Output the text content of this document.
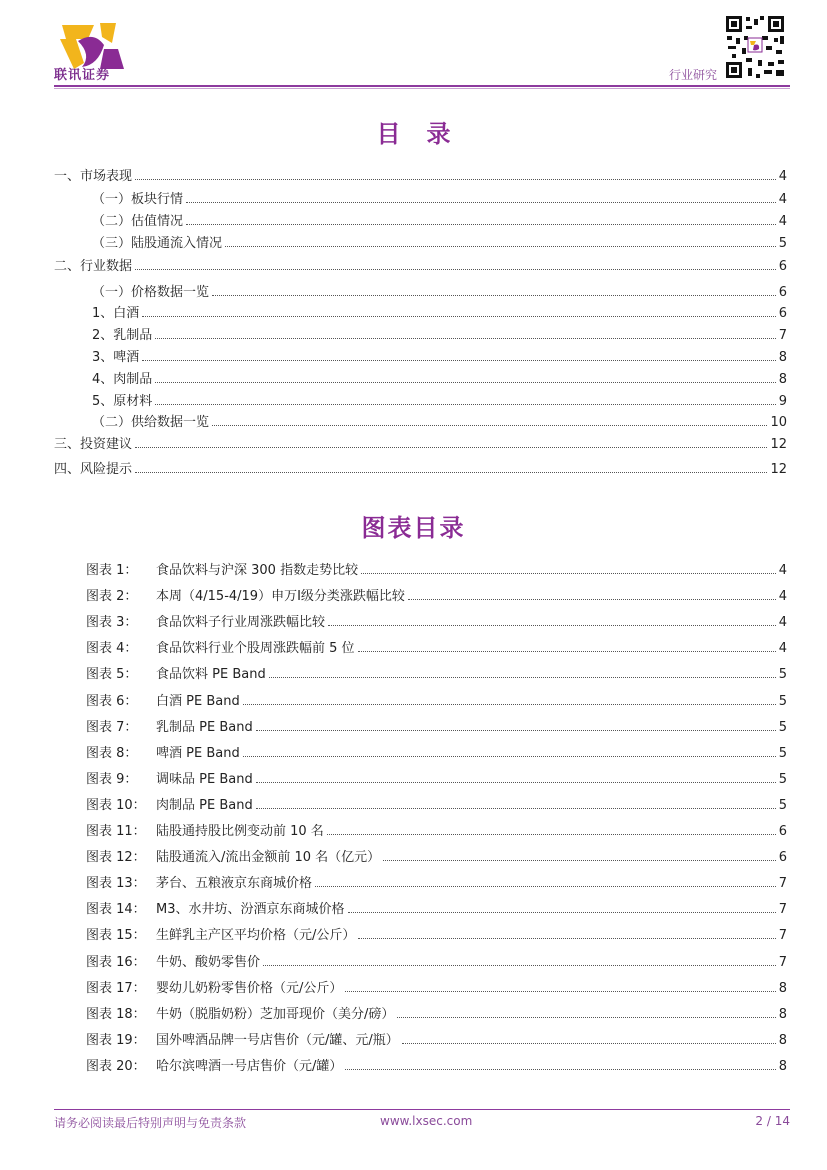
联讯证券	行业研究
目录
一、市场表现	4
（一）板块行情	4
（二）估值情况	4
（三）陆股通流入情况	5
二、行业数据	6
（一）价格数据一览	6
1、白酒	6
2、乳制品	7
3、啤酒	8
4、肉制品	8
5、原材料	9
（二）供给数据一览	10
三、投资建议	12
四、风险提示	12
图表目录
图表 1：	食品饮料与沪深 300 指数走势比较	4
图表 2：	本周（4/15-4/19）申万Ⅰ级分类涨跌幅比较	4
图表 3：	食品饮料子行业周涨跌幅比较	4
图表 4：	食品饮料行业个股周涨跌幅前 5 位	4
图表 5：	食品饮料 PE Band	5
图表 6：	白酒 PE Band	5
图表 7：	乳制品 PE Band	5
图表 8：	啤酒 PE Band	5
图表 9：	调味品 PE Band	5
图表 10： 肉制品 PE Band	5
图表 11： 陆股通持股比例变动前 10 名	6
图表 12： 陆股通流入/流出金额前 10 名（亿元）	6
图表 13： 茅台、五粮液京东商城价格	7
图表 14： M3、水井坊、汾酒京东商城价格	7
图表 15： 生鲜乳主产区平均价格（元/公斤）	7
图表 16： 牛奶、酸奶零售价	7
图表 17： 婴幼儿奶粉零售价格（元/公斤）	8
图表 18： 牛奶（脱脂奶粉）芝加哥现价（美分/磅）	8
图表 19： 国外啤酒品牌一号店售价（元/罐、元/瓶）	8
图表 20： 哈尔滨啤酒一号店售价（元/罐）	8
请务必阅读最后特别声明与免责条款	www.lxsec.com	2 / 14
